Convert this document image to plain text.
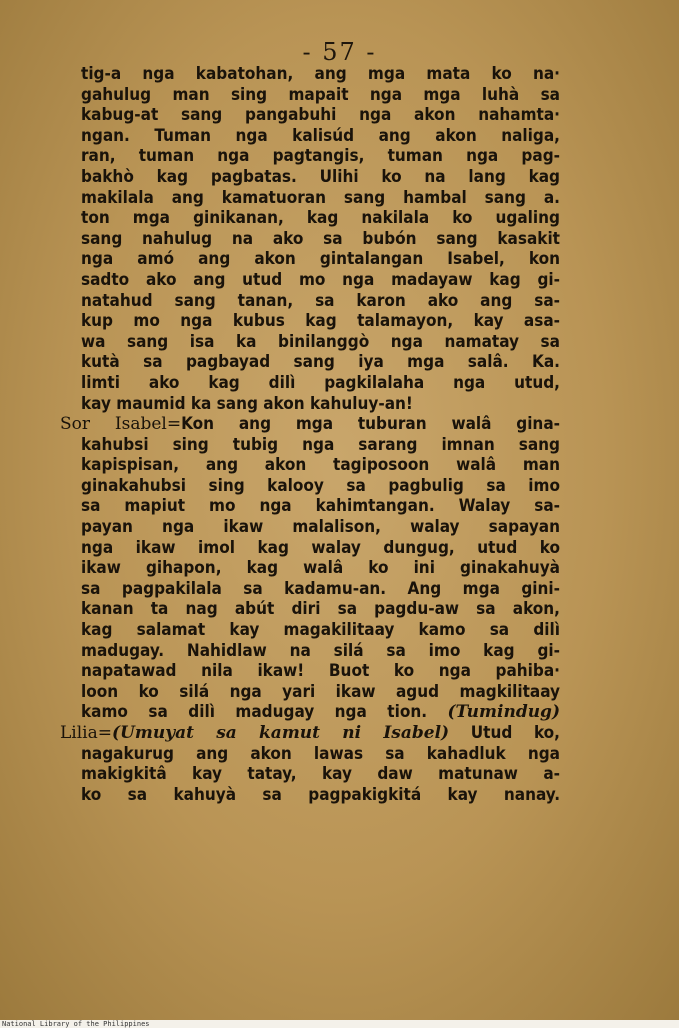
- 57 -
tig-a nga kabatohan, ang mga mata ko na·
gahulug man sing mapait nga mga luhà sa
kabug-at sang pangabuhi nga akon nahamta·
ngan. Tuman nga kalisúd ang akon naliga,
ran, tuman nga pagtangis, tuman nga pag-
bakhò kag pagbatas. Ulihi ko na lang kag
makilala ang kamatuoran sang hambal sang a.
ton mga ginikanan, kag nakilala ko ugaling
sang nahulug na ako sa bubón sang kasakit
nga amó ang akon gintalangan Isabel, kon
sadto ako ang utud mo nga madayaw kag gi-
natahud sang tanan, sa karon ako ang sa-
kup mo nga kubus kag talamayon, kay asa-
wa sang isa ka binilanggò nga namatay sa
kutà sa pagbayad sang iya mga salâ. Ka.
limti ako kag dilì pagkilalaha nga utud,
kay maumid ka sang akon kahuluy-an!
Sor Isabel=Kon ang mga tuburan walâ gina-
kahubsi sing tubig nga sarang imnan sang
kapispisan, ang akon tagiposoon walâ man
ginakahubsi sing kalooy sa pagbulig sa imo
sa mapiut mo nga kahimtangan. Walay sa-
payan nga ikaw malalison, walay sapayan
nga ikaw imol kag walay dungug, utud ko
ikaw gihapon, kag walâ ko ini ginakahuyà
sa pagpakilala sa kadamu-an. Ang mga gini-
kanan ta nag abút diri sa pagdu-aw sa akon,
kag salamat kay magakilitaay kamo sa dilì
madugay. Nahidlaw na silá sa imo kag gi-
napatawad nila ikaw! Buot ko nga pahiba·
loon ko silá nga yari ikaw agud magkilitaay
kamo sa dilì madugay nga tion. (Tumindug)
Lilia=(Umuyat sa kamut ni Isabel) Utud ko,
nagakurug ang akon lawas sa kahadluk nga
makigkitâ kay tatay, kay daw matunaw a-
ko sa kahuyà sa pagpakigkitá kay nanay.
National Library of the Philippines
